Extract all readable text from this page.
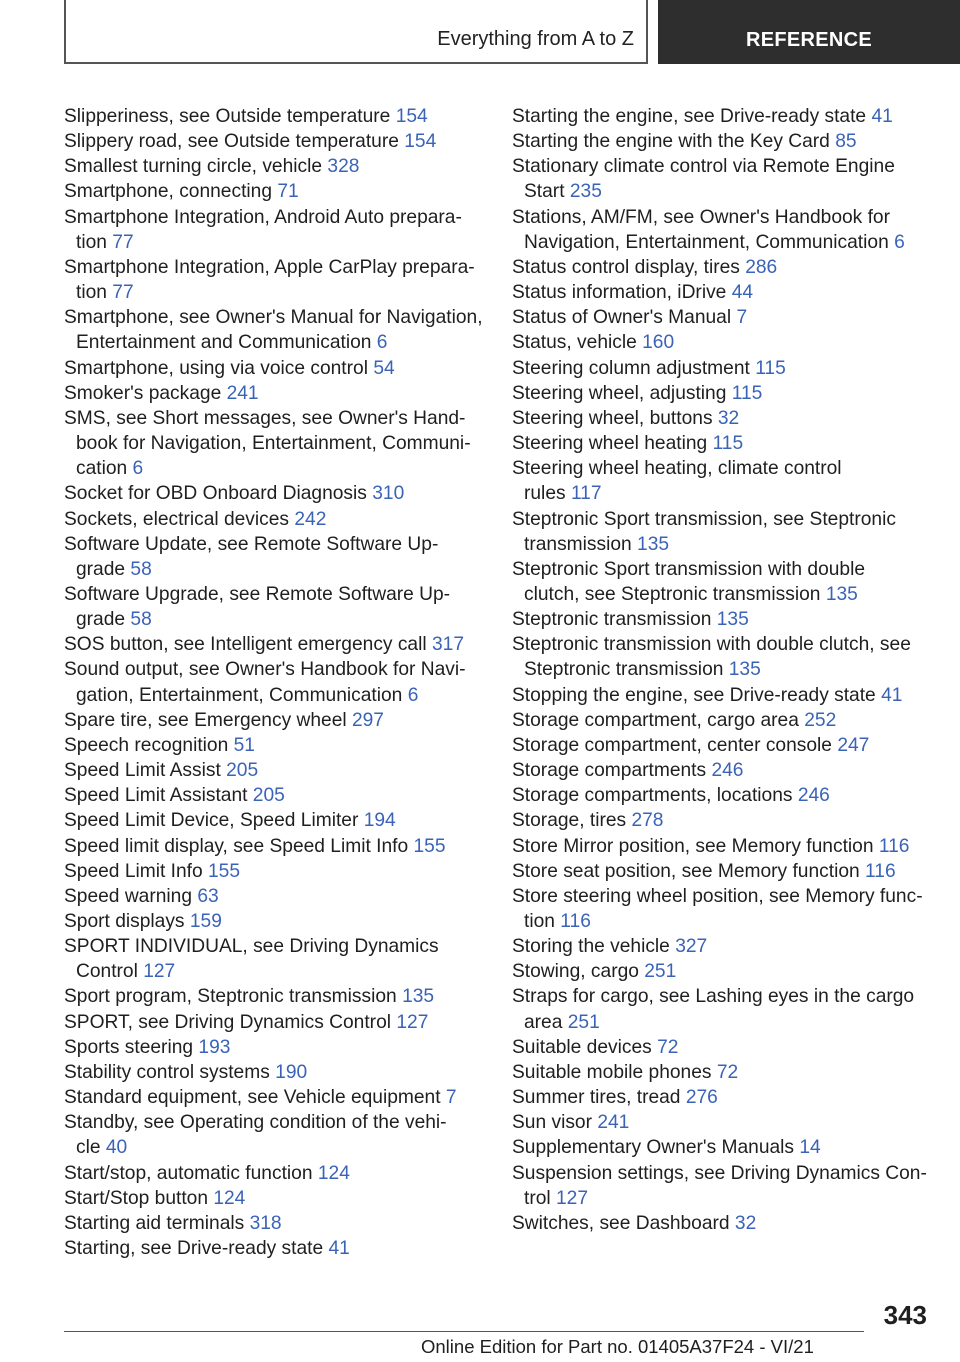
Everything from A to Z	REFERENCE
Slipperiness, see Outside temperature 154
Slippery road, see Outside temperature 154
Smallest turning circle, vehicle 328
Smartphone, connecting 71
Smartphone Integration, Android Auto prepara‐
tion 77
Smartphone Integration, Apple CarPlay prepara‐
tion 77
Smartphone, see Owner's Manual for Navigation,
Entertainment and Communication 6
Smartphone, using via voice control 54
Smoker's package 241
SMS, see Short messages, see Owner's Hand‐
book for Navigation, Entertainment, Communi‐
cation 6
Socket for OBD Onboard Diagnosis 310
Sockets, electrical devices 242
Software Update, see Remote Software Up‐
grade 58
Software Upgrade, see Remote Software Up‐
grade 58
SOS button, see Intelligent emergency call 317
Sound output, see Owner's Handbook for Navi‐
gation, Entertainment, Communication 6
Spare tire, see Emergency wheel 297
Speech recognition 51
Speed Limit Assist 205
Speed Limit Assistant 205
Speed Limit Device, Speed Limiter 194
Speed limit display, see Speed Limit Info 155
Speed Limit Info 155
Speed warning 63
Sport displays 159
SPORT INDIVIDUAL, see Driving Dynamics
Control 127
Sport program, Steptronic transmission 135
SPORT, see Driving Dynamics Control 127
Sports steering 193
Stability control systems 190
Standard equipment, see Vehicle equipment 7
Standby, see Operating condition of the vehi‐
cle 40
Start/stop, automatic function 124
Start/Stop button 124
Starting aid terminals 318
Starting, see Drive-ready state 41
Starting the engine, see Drive-ready state 41
Starting the engine with the Key Card 85
Stationary climate control via Remote Engine
Start 235
Stations, AM/FM, see Owner's Handbook for
Navigation, Entertainment, Communication 6
Status control display, tires 286
Status information, iDrive 44
Status of Owner's Manual 7
Status, vehicle 160
Steering column adjustment 115
Steering wheel, adjusting 115
Steering wheel, buttons 32
Steering wheel heating 115
Steering wheel heating, climate control
rules 117
Steptronic Sport transmission, see Steptronic
transmission 135
Steptronic Sport transmission with double
clutch, see Steptronic transmission 135
Steptronic transmission 135
Steptronic transmission with double clutch, see
Steptronic transmission 135
Stopping the engine, see Drive-ready state 41
Storage compartment, cargo area 252
Storage compartment, center console 247
Storage compartments 246
Storage compartments, locations 246
Storage, tires 278
Store Mirror position, see Memory function 116
Store seat position, see Memory function 116
Store steering wheel position, see Memory func‐
tion 116
Storing the vehicle 327
Stowing, cargo 251
Straps for cargo, see Lashing eyes in the cargo
area 251
Suitable devices 72
Suitable mobile phones 72
Summer tires, tread 276
Sun visor 241
Supplementary Owner's Manuals 14
Suspension settings, see Driving Dynamics Con‐
trol 127
Switches, see Dashboard 32
343
Online Edition for Part no. 01405A37F24 - VI/21
